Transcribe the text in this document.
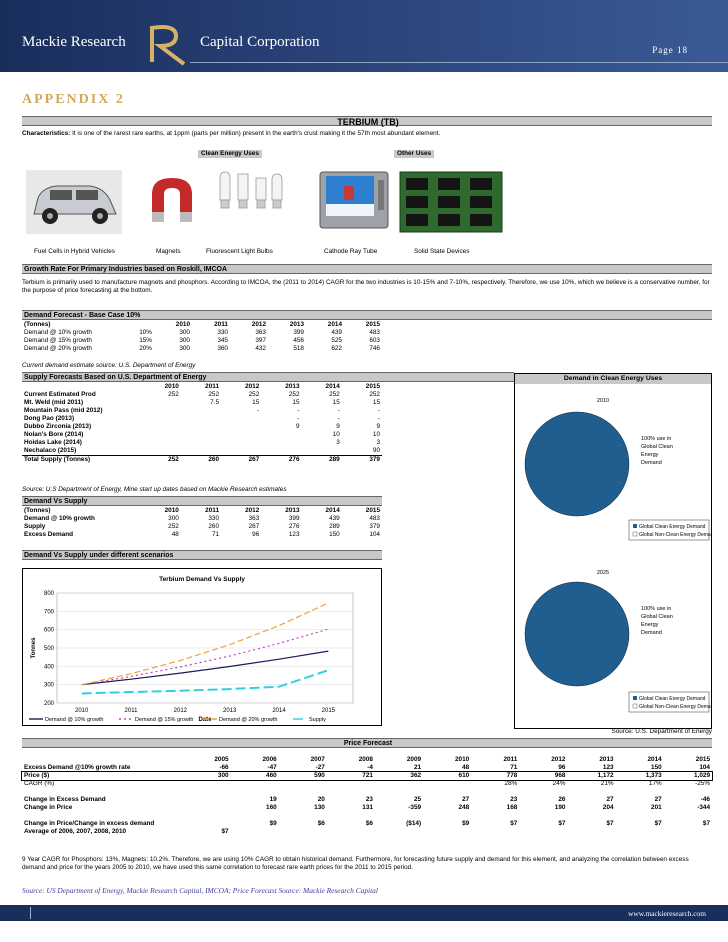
Mackie Research	Capital Corporation	Page 18
APPENDIX 2
TERBIUM (TB)
Characteristics: It is one of the rarest rare earths, at 1ppm (parts per million) present in the earth's crust making it the 57th most abundant element.
Clean Energy Uses	Other Uses
Fuel Cells in Hybrid Vehicles	Magnets	Fluorescent Light Bulbs	Cathode Ray Tube	Solid State Devices
Growth Rate For Primary Industries based on Roskill, IMCOA
Terbium is primarily used to manufacture magnets and phosphors. According to IMCOA, the (2011 to 2014) CAGR for the two industries is 10-15% and 7-10%, respectively. Therefore, we use 10%, which we believe is a conservative number, for the purpose of price forecasting at the bottom.
Demand Forecast - Base Case 10%
(Tonnes)		2010	2011	2012	2013	2014	2015
Demand @ 10% growth	10%	300	330	363	399	439	483
Demand @ 15% growth	15%	300	345	397	456	525	603
Demand @ 20% growth	20%	300	360	432	518	622	746
Current demand estimate source: U.S. Department of Energy
Supply Forecasts Based on U.S. Department of Energy
	2010	2011	2012	2013	2014	2015
Current Estimated Prod	252	252	252	252	252	252
Mt. Weld (mid 2011)		7.5	15	15	15	15
Mountain Pass (mid 2012)			-	-	-	-
Dong Pao (2013)				-	-	-
Dubbo Zirconia (2013)				9	9	9
Nolan's Bore (2014)					10	10
Hoidas Lake (2014)					3	3
Nechalaco (2015)						90
Total Supply (Tonnes)	252	260	267	276	289	379
Source: U.S Department of Energy, Mine start up dates based on Mackie Research estimates
Demand Vs Supply
(Tonnes)	2010	2011	2012	2013	2014	2015
Demand @ 10% growth	300	330	363	399	439	483
Supply	252	260	267	276	289	379
Excess Demand	48	71	96	123	150	104
Demand Vs Supply under different scenarios
Terbium Demand Vs Supply
200
300
400
500
600
700
800
2010	2011	2012	2013	2014	2015
Date
Tonnes
Demand @ 10% growth	Demand @ 15% growth	Demand @ 20% growth	Supply
Demand in Clean Energy Uses
2010
100% use in
Global Clean
Energy
Demand
Global Clean Energy Demand
Global Non-Clean Energy Demand
2025
100% use in
Global Clean
Energy
Demand
Global Clean Energy Demand
Global Non-Clean Energy Demand
Source: U.S. Department of Energy
Price Forecast
	2005	2006	2007	2008	2009	2010	2011	2012	2013	2014	2015
Excess Demand @10% growth rate	-66	-47	-27	-4	21	48	71	96	123	150	104
Price ($)	300	460	590	721	362	610	778	968	1,172	1,373	1,029
CAGR (%)							28%	24%	21%	17%	-25%

Change in Excess Demand		19	20	23	25	27	23	26	27	27	-46
Change in Price		160	130	131	-359	248	168	190	204	201	-344

Change in Price/Change in excess demand		$9	$6	$6	($14)	$9	$7	$7	$7	$7	$7
Average of 2006, 2007, 2008, 2010	$7										
9 Year CAGR for Phosphors: 13%, Magnets: 10.2%. Therefore, we are using 10% CAGR to obtain historical demand. Furthermore, for forecasting future supply and demand for this element, and analyzing the correlation between excess demand and price for the years 2005 to 2010, we have used this same correlation to forecast rare earth prices for the 2011 to 2015 period.
Source: US Department of Energy, Mackie Research Capital, IMCOA; Price Forecast Source: Mackie Research Capital
www.mackieresearch.com
